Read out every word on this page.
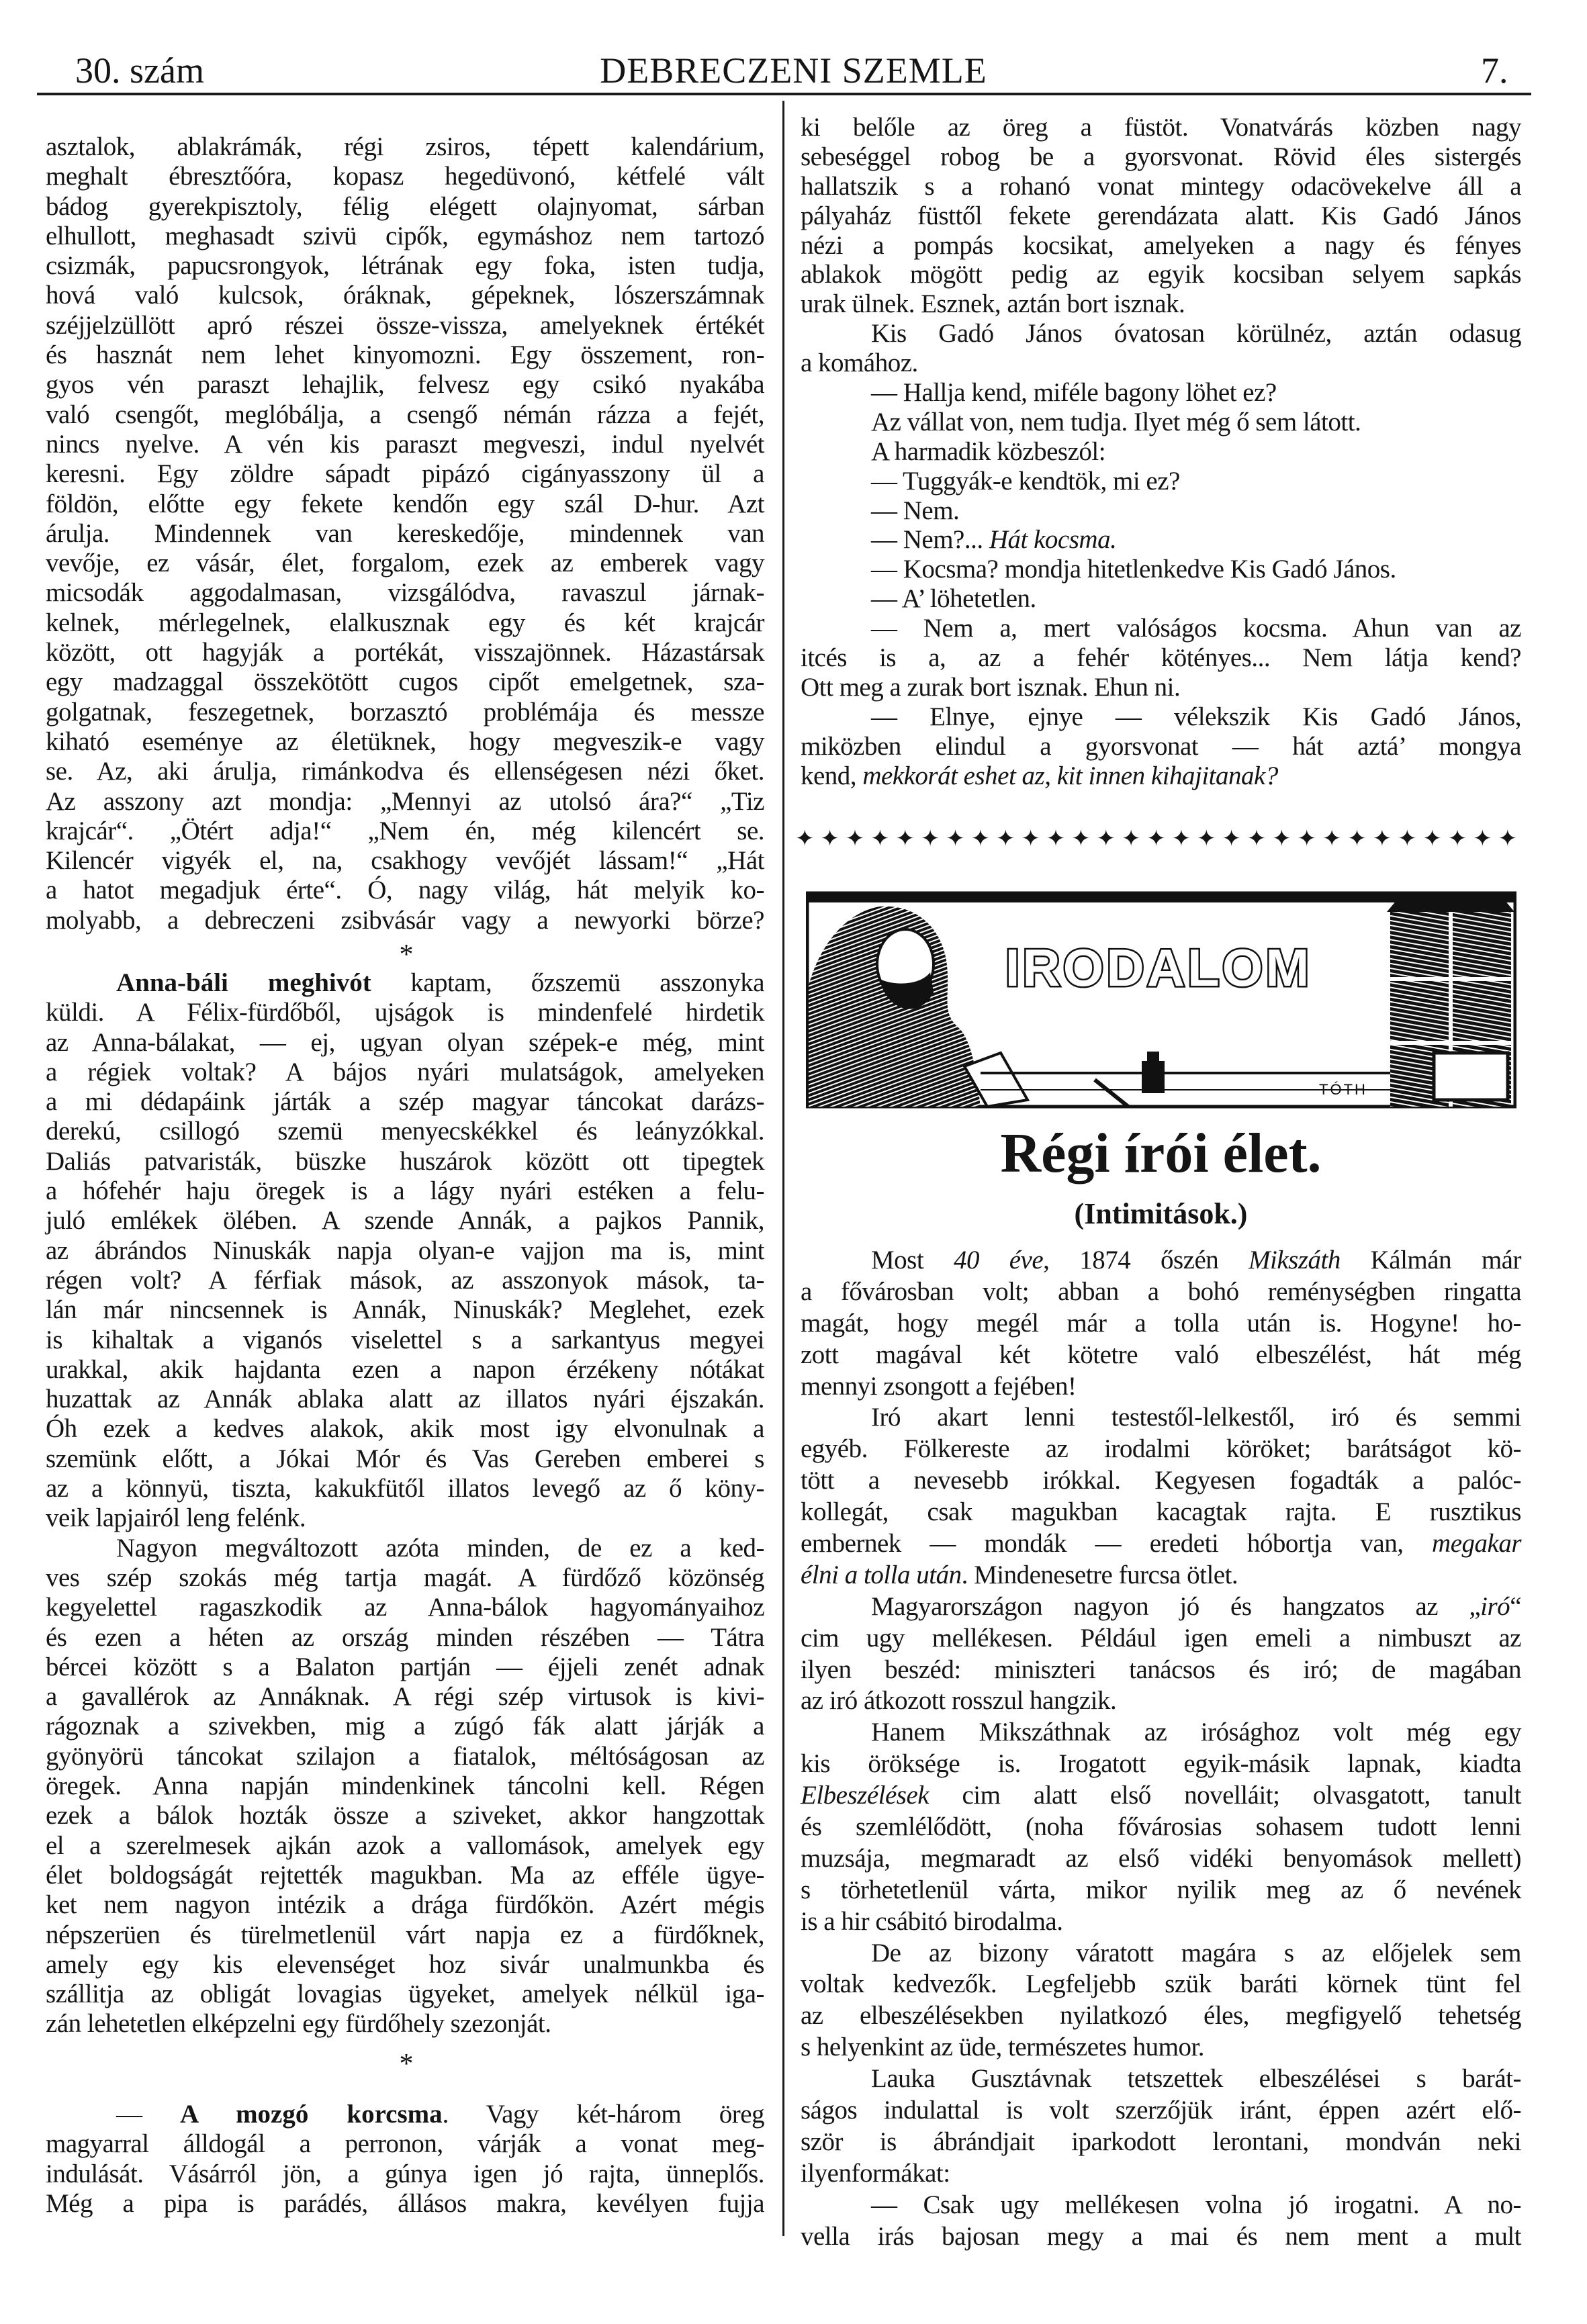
30. szám	DEBRECZENI SZEMLE	7.
asztalok, ablakrámák, régi zsiros, tépett kalendárium,
meghalt ébresztőóra, kopasz hegedüvonó, kétfelé vált
bádog gyerekpisztoly, félig elégett olajnyomat, sárban
elhullott, meghasadt szivü cipők, egymáshoz nem tartozó
csizmák, papucsrongyok, létrának egy foka, isten tudja,
hová való kulcsok, óráknak, gépeknek, lószerszámnak
széjjelzüllött apró részei össze-vissza, amelyeknek értékét
és hasznát nem lehet kinyomozni. Egy összement, ron-
gyos vén paraszt lehajlik, felvesz egy csikó nyakába
való csengőt, meglóbálja, a csengő némán rázza a fejét,
nincs nyelve. A vén kis paraszt megveszi, indul nyelvét
keresni. Egy zöldre sápadt pipázó cigányasszony ül a
földön, előtte egy fekete kendőn egy szál D-hur. Azt
árulja. Mindennek van kereskedője, mindennek van
vevője, ez vásár, élet, forgalom, ezek az emberek vagy
micsodák aggodalmasan, vizsgálódva, ravaszul járnak-
kelnek, mérlegelnek, elalkusznak egy és két krajcár
között, ott hagyják a portékát, visszajönnek. Házastársak
egy madzaggal összekötött cugos cipőt emelgetnek, sza-
golgatnak, feszegetnek, borzasztó problémája és messze
kiható eseménye az életüknek, hogy megveszik-e vagy
se. Az, aki árulja, rimánkodva és ellenségesen nézi őket.
Az asszony azt mondja: „Mennyi az utolsó ára?“ „Tiz
krajcár“. „Ötért adja!“ „Nem én, még kilencért se.
Kilencér vigyék el, na, csakhogy vevőjét lássam!“ „Hát
a hatot megadjuk érte“. Ó, nagy világ, hát melyik ko-
molyabb, a debreczeni zsibvásár vagy a newyorki börze?
*
Anna-báli meghivót kaptam, őzszemü asszonyka
küldi. A Félix-fürdőből, ujságok is mindenfelé hirdetik
az Anna-bálakat, — ej, ugyan olyan szépek-e még, mint
a régiek voltak? A bájos nyári mulatságok, amelyeken
a mi dédapáink járták a szép magyar táncokat darázs-
derekú, csillogó szemü menyecskékkel és leányzókkal.
Daliás patvaristák, büszke huszárok között ott tipegtek
a hófehér haju öregek is a lágy nyári estéken a felu-
juló emlékek ölében. A szende Annák, a pajkos Pannik,
az ábrándos Ninuskák napja olyan-e vajjon ma is, mint
régen volt? A férfiak mások, az asszonyok mások, ta-
lán már nincsennek is Annák, Ninuskák? Meglehet, ezek
is kihaltak a viganós viselettel s a sarkantyus megyei
urakkal, akik hajdanta ezen a napon érzékeny nótákat
huzattak az Annák ablaka alatt az illatos nyári éjszakán.
Óh ezek a kedves alakok, akik most igy elvonulnak a
szemünk előtt, a Jókai Mór és Vas Gereben emberei s
az a könnyü, tiszta, kakukfütől illatos levegő az ő köny-
veik lapjairól leng felénk.
Nagyon megváltozott azóta minden, de ez a ked-
ves szép szokás még tartja magát. A fürdőző közönség
kegyelettel ragaszkodik az Anna-bálok hagyományaihoz
és ezen a héten az ország minden részében — Tátra
bércei között s a Balaton partján — éjjeli zenét adnak
a gavallérok az Annáknak. A régi szép virtusok is kivi-
rágoznak a szivekben, mig a zúgó fák alatt járják a
gyönyörü táncokat szilajon a fiatalok, méltóságosan az
öregek. Anna napján mindenkinek táncolni kell. Régen
ezek a bálok hozták össze a sziveket, akkor hangzottak
el a szerelmesek ajkán azok a vallomások, amelyek egy
élet boldogságát rejtették magukban. Ma az efféle ügye-
ket nem nagyon intézik a drága fürdőkön. Azért mégis
népszerüen és türelmetlenül várt napja ez a fürdőknek,
amely egy kis elevenséget hoz sivár unalmunkba és
szállitja az obligát lovagias ügyeket, amelyek nélkül iga-
zán lehetetlen elképzelni egy fürdőhely szezonját.
*
— A mozgó korcsma. Vagy két-három öreg
magyarral álldogál a perronon, várják a vonat meg-
indulását. Vásárról jön, a gúnya igen jó rajta, ünneplős.
Még a pipa is parádés, állásos makra, kevélyen fujja
ki belőle az öreg a füstöt. Vonatvárás közben nagy
sebeséggel robog be a gyorsvonat. Rövid éles sistergés
hallatszik s a rohanó vonat mintegy odacövekelve áll a
pályaház füsttől fekete gerendázata alatt. Kis Gadó János
nézi a pompás kocsikat, amelyeken a nagy és fényes
ablakok mögött pedig az egyik kocsiban selyem sapkás
urak ülnek. Esznek, aztán bort isznak.
Kis Gadó János óvatosan körülnéz, aztán odasug
a komához.
— Hallja kend, miféle bagony löhet ez?
Az vállat von, nem tudja. Ilyet még ő sem látott.
A harmadik közbeszól:
— Tuggyák-e kendtök, mi ez?
— Nem.
— Nem?... Hát kocsma.
— Kocsma? mondja hitetlenkedve Kis Gadó János.
— A’ löhetetlen.
— Nem a, mert valóságos kocsma. Ahun van az
itcés is a, az a fehér kötényes... Nem látja kend?
Ott meg a zurak bort isznak. Ehun ni.
— Elnye, ejnye — vélekszik Kis Gadó János,
miközben elindul a gyorsvonat — hát aztá’ mongya
kend, mekkorát eshet az, kit innen kihajitanak?
✦ ✦ ✦ ✦ ✦ ✦ ✦ ✦ ✦ ✦ ✦ ✦ ✦ ✦ ✦ ✦ ✦ ✦ ✦ ✦ ✦ ✦ ✦ ✦ ✦ ✦ ✦ ✦ ✦
IRODALOM
TÓTH
Régi írói élet.
(Intimitások.)
Most 40 éve, 1874 őszén Mikszáth Kálmán már
a fővárosban volt; abban a bohó reménységben ringatta
magát, hogy megél már a tolla után is. Hogyne! ho-
zott magával két kötetre való elbeszélést, hát még
mennyi zsongott a fejében!
Iró akart lenni testestől-lelkestől, iró és semmi
egyéb. Fölkereste az irodalmi köröket; barátságot kö-
tött a nevesebb irókkal. Kegyesen fogadták a palóc-
kollegát, csak magukban kacagtak rajta. E rusztikus
embernek — mondák — eredeti hóbortja van, megakar
élni a tolla után. Mindenesetre furcsa ötlet.
Magyarországon nagyon jó és hangzatos az „iró“
cim ugy mellékesen. Például igen emeli a nimbuszt az
ilyen beszéd: miniszteri tanácsos és iró; de magában
az iró átkozott rosszul hangzik.
Hanem Mikszáthnak az irósághoz volt még egy
kis öröksége is. Irogatott egyik-másik lapnak, kiadta
Elbeszélések cim alatt első novelláit; olvasgatott, tanult
és szemlélődött, (noha fővárosias sohasem tudott lenni
muzsája, megmaradt az első vidéki benyomások mellett)
s törhetetlenül várta, mikor nyilik meg az ő nevének
is a hir csábitó birodalma.
De az bizony váratott magára s az előjelek sem
voltak kedvezők. Legfeljebb szük baráti körnek tünt fel
az elbeszélésekben nyilatkozó éles, megfigyelő tehetség
s helyenkint az üde, természetes humor.
Lauka Gusztávnak tetszettek elbeszélései s barát-
ságos indulattal is volt szerzőjük iránt, éppen azért elő-
ször is ábrándjait iparkodott lerontani, mondván neki
ilyenformákat:
— Csak ugy mellékesen volna jó irogatni. A no-
vella irás bajosan megy a mai és nem ment a mult
